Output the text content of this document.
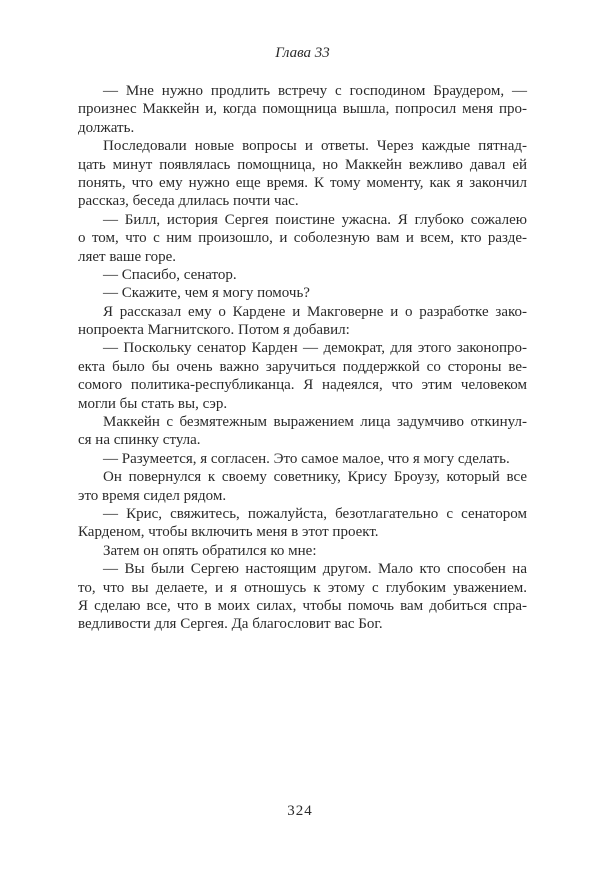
Глава 33
— Мне нужно продлить встречу с господином Браудером, —
произнес Маккейн и, когда помощница вышла, попросил меня про-
должать.
Последовали новые вопросы и ответы. Через каждые пятнад-
цать минут появлялась помощница, но Маккейн вежливо давал ей
понять, что ему нужно еще время. К тому моменту, как я закончил
рассказ, беседа длилась почти час.
— Билл, история Сергея поистине ужасна. Я глубоко сожалею
о том, что с ним произошло, и соболезную вам и всем, кто разде-
ляет ваше горе.
— Спасибо, сенатор.
— Скажите, чем я могу помочь?
Я рассказал ему о Кардене и Макговерне и о разработке зако-
нопроекта Магнитского. Потом я добавил:
— Поскольку сенатор Карден — демократ, для этого законопро-
екта было бы очень важно заручиться поддержкой со стороны ве-
сомого политика-республиканца. Я надеялся, что этим человеком
могли бы стать вы, сэр.
Маккейн с безмятежным выражением лица задумчиво откинул-
ся на спинку стула.
— Разумеется, я согласен. Это самое малое, что я могу сделать.
Он повернулся к своему советнику, Крису Броузу, который все
это время сидел рядом.
— Крис, свяжитесь, пожалуйста, безотлагательно с сенатором
Карденом, чтобы включить меня в этот проект.
Затем он опять обратился ко мне:
— Вы были Сергею настоящим другом. Мало кто способен на
то, что вы делаете, и я отношусь к этому с глубоким уважением.
Я сделаю все, что в моих силах, чтобы помочь вам добиться спра-
ведливости для Сергея. Да благословит вас Бог.
324
